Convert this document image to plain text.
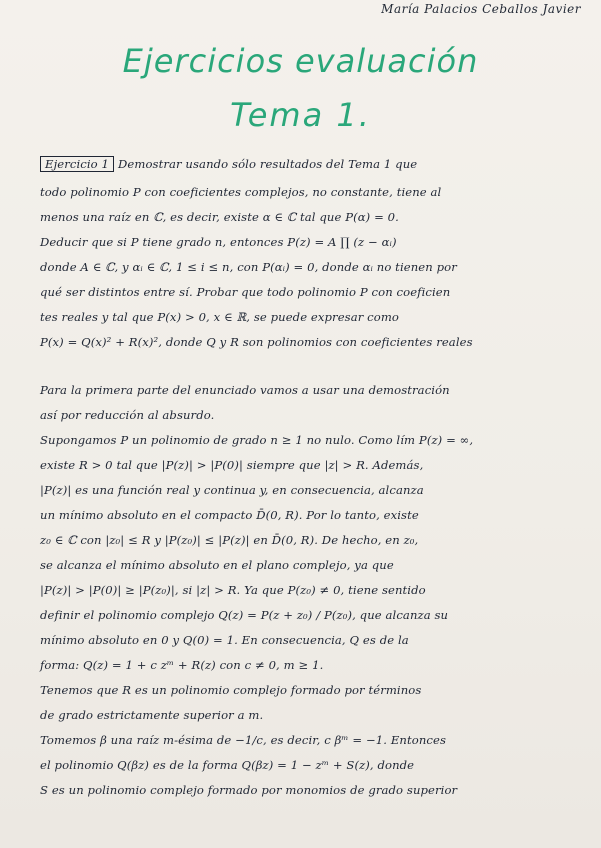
María Palacios Ceballos Javier
Ejercicios evaluación
Tema 1.
Ejercicio 1 Demostrar usando sólo resultados del Tema 1 que
todo polinomio P con coeficientes complejos, no constante, tiene al
menos una raíz en ℂ, es decir, existe α ∈ ℂ tal que P(α) = 0.
Deducir que si P tiene grado n, entonces P(z) = A ∏ (z − αᵢ)
donde A ∈ ℂ, y αᵢ ∈ ℂ, 1 ≤ i ≤ n, con P(αᵢ) = 0, donde αᵢ no tienen por
qué ser distintos entre sí. Probar que todo polinomio P con coeficien
tes reales y tal que P(x) > 0, x ∈ ℝ, se puede expresar como
P(x) = Q(x)² + R(x)², donde Q y R son polinomios con coeficientes reales
Para la primera parte del enunciado vamos a usar una demostración
así por reducción al absurdo.
Supongamos P un polinomio de grado n ≥ 1 no nulo. Como lím P(z) = ∞,
existe R > 0 tal que |P(z)| > |P(0)| siempre que |z| > R. Además,
|P(z)| es una función real y continua y, en consecuencia, alcanza
un mínimo absoluto en el compacto D̄(0, R). Por lo tanto, existe
z₀ ∈ ℂ con |z₀| ≤ R y |P(z₀)| ≤ |P(z)| en D̄(0, R). De hecho, en z₀,
se alcanza el mínimo absoluto en el plano complejo, ya que
|P(z)| > |P(0)| ≥ |P(z₀)|, si |z| > R. Ya que P(z₀) ≠ 0, tiene sentido
definir el polinomio complejo Q(z) = P(z + z₀) / P(z₀), que alcanza su
mínimo absoluto en 0 y Q(0) = 1. En consecuencia, Q es de la
forma: Q(z) = 1 + c zᵐ + R(z) con c ≠ 0, m ≥ 1.
Tenemos que R es un polinomio complejo formado por términos
de grado estrictamente superior a m.
Tomemos β una raíz m-ésima de −1/c, es decir, c βᵐ = −1. Entonces
el polinomio Q(βz) es de la forma Q(βz) = 1 − zᵐ + S(z), donde
S es un polinomio complejo formado por monomios de grado superior
